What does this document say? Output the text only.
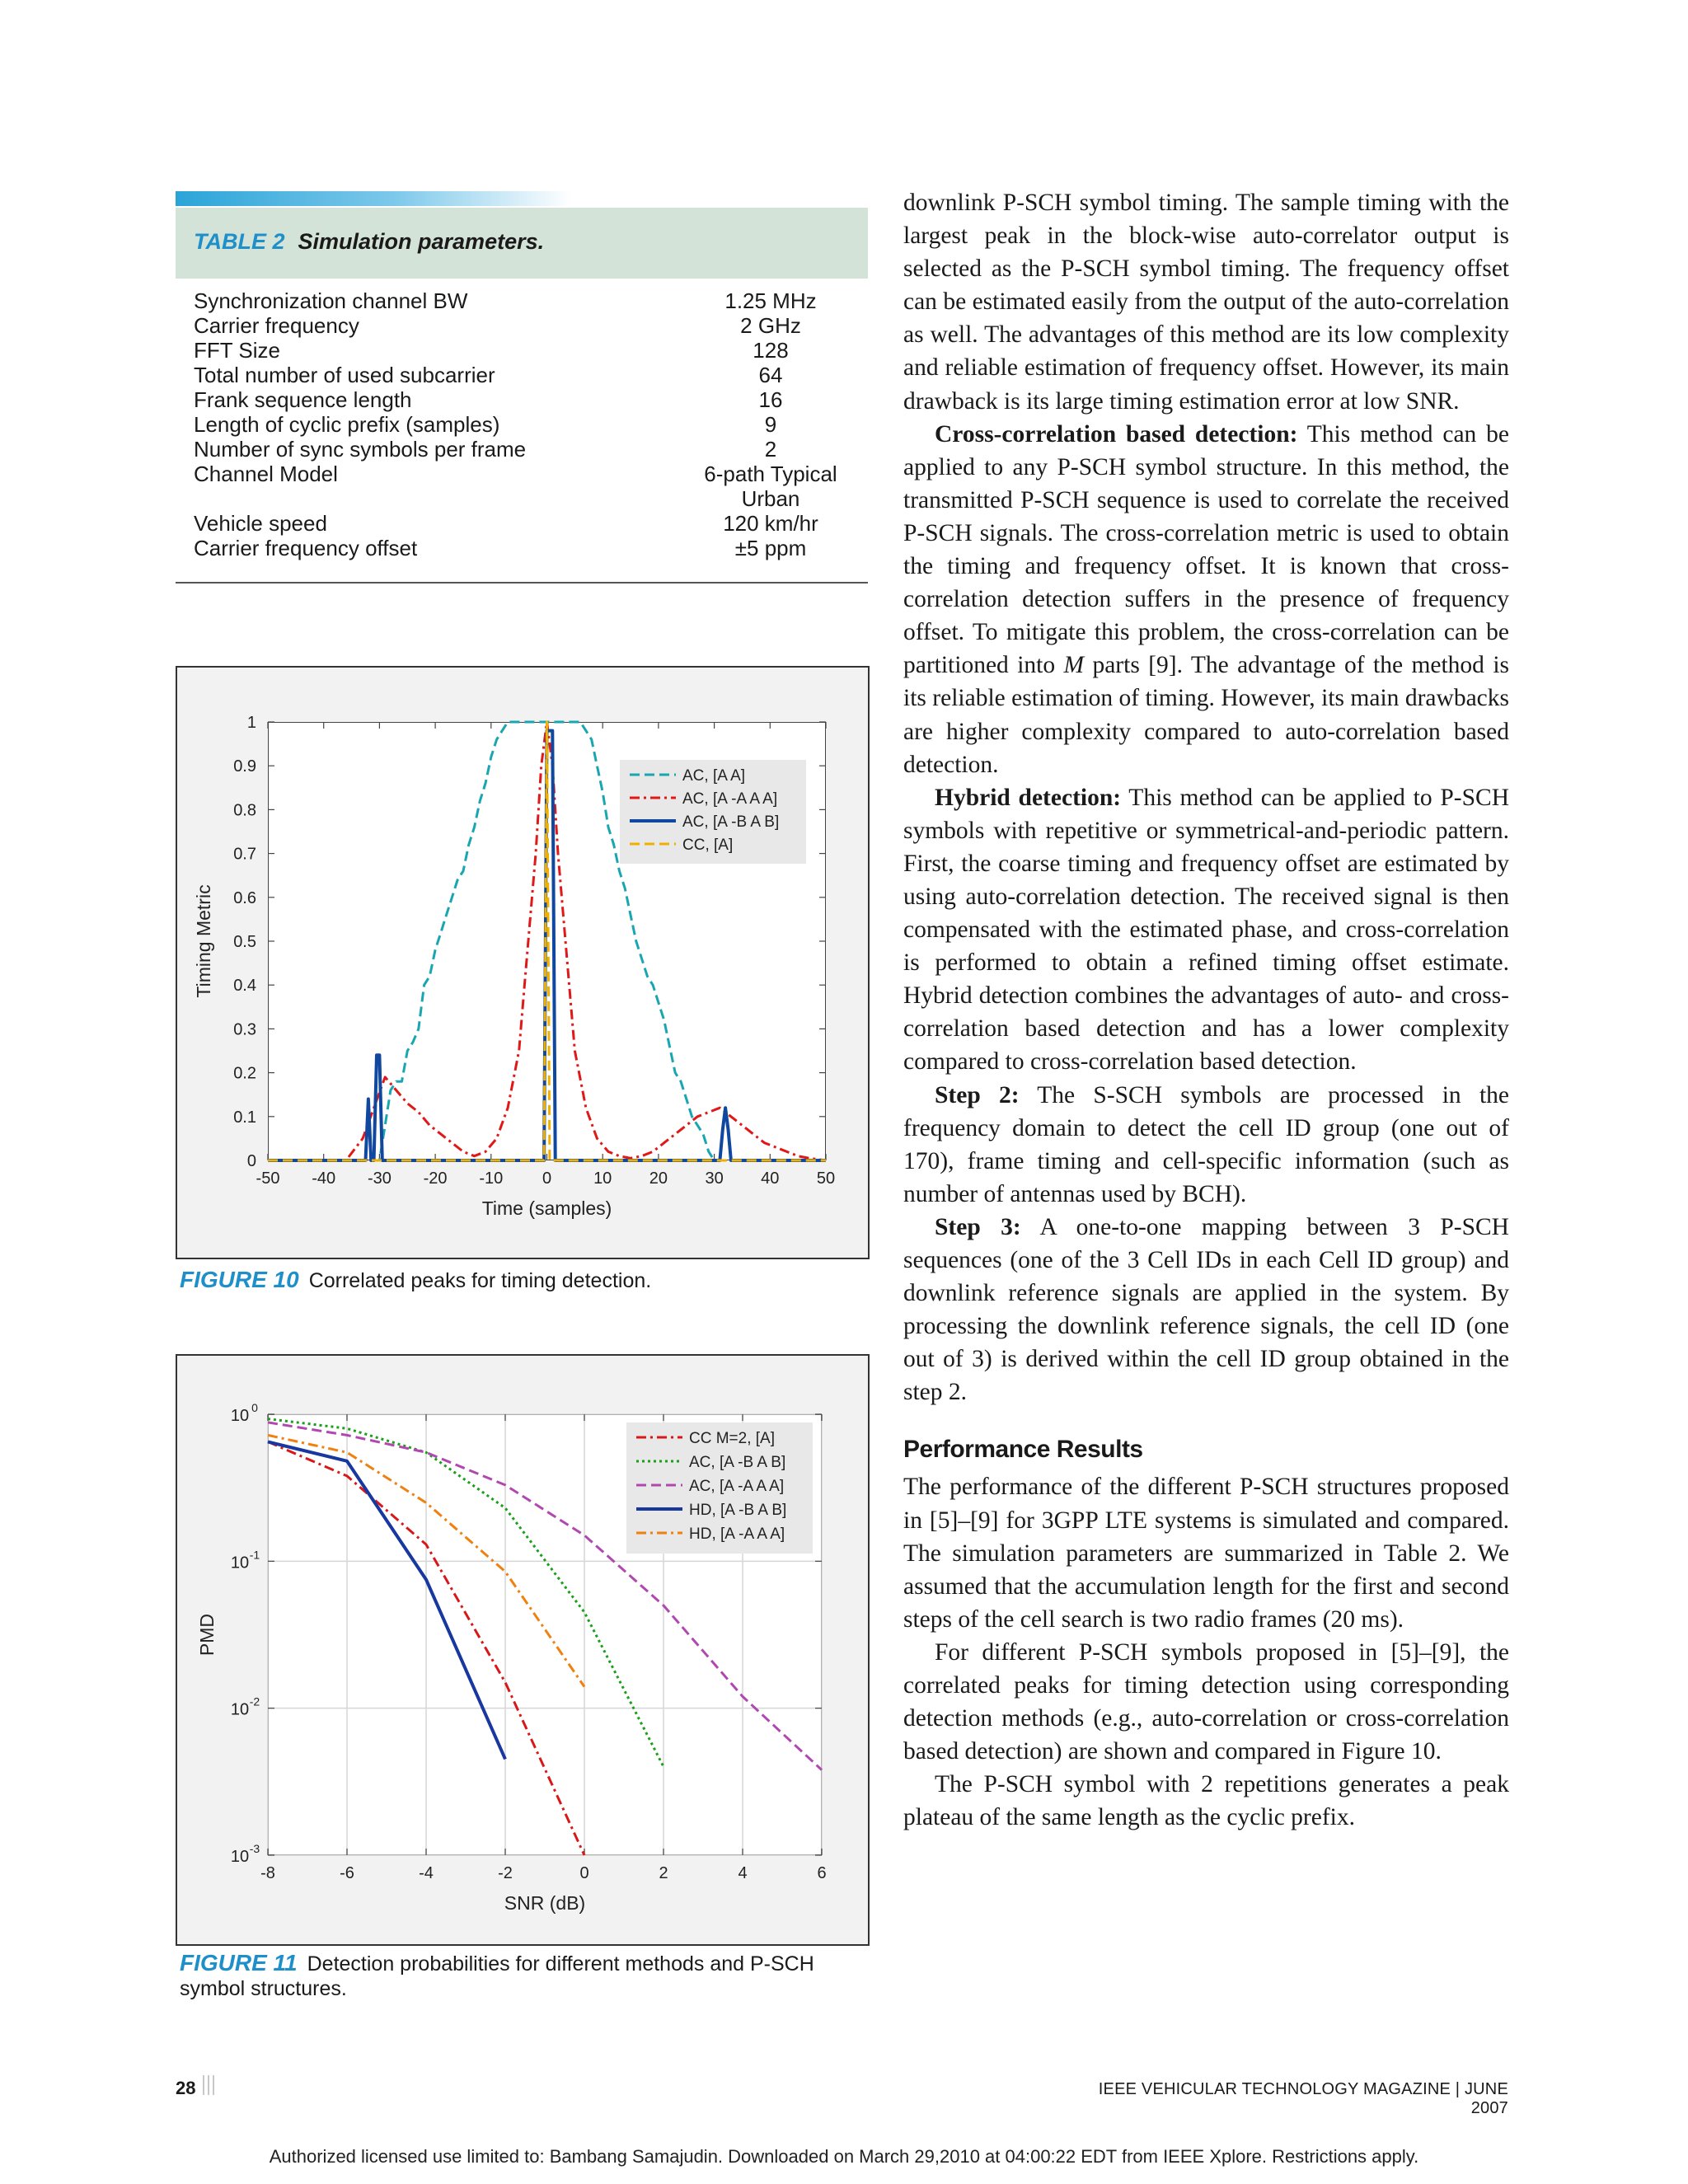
TABLE 2 Simulation parameters.
Synchronization channel BW	1.25 MHz
Carrier frequency	2 GHz
FFT Size	128
Total number of used subcarrier	64
Frank sequence length	16
Length of cyclic prefix (samples)	9
Number of sync symbols per frame	2
Channel Model	6-path Typical Urban
Vehicle speed	120 km/hr
Carrier frequency offset	±5 ppm
-50 -40 -30 -20 -10 0	10 20 30 40 50
0
0.1
0.2
0.3
0.4
0.5
0.6
0.7
0.8
0.9
1
Time (samples)
Timing Metric
AC, [A A]
AC, [A -A A A]
AC, [A -B A B]
CC, [A]
FIGURE 10 Correlated peaks for timing detection.
-8	-6	-4	-2	0	2	4	6
10 0
10 -1
10 -2
10 -3
SNR (dB)
PMD
CC M=2, [A]
AC, [A -B A B]
AC, [A -A A A]
HD, [A -B A B]
HD, [A -A A A]
FIGURE 11 Detection probabilities for different methods and P-SCH symbol structures.

downlink P-SCH symbol timing. The sample timing with the largest peak in the block-wise auto-correlator output is selected as the P-SCH symbol timing. The frequency offset can be estimated easily from the output of the auto-correlation as well. The advantages of this method are its low complexity and reliable estimation of frequency offset. However, its main drawback is its large timing estimation error at low SNR.

Cross-correlation based detection: This method can be applied to any P-SCH symbol structure. In this method, the transmitted P-SCH sequence is used to correlate the received P-SCH signals. The cross-correlation metric is used to obtain the timing and frequency offset. It is known that cross-correlation detection suffers in the presence of frequency offset. To mitigate this problem, the cross-correlation can be partitioned into M parts [9]. The advantage of the method is its reliable estimation of timing. However, its main drawbacks are higher complexity compared to auto-correlation based detection.

Hybrid detection: This method can be applied to P-SCH symbols with repetitive or symmetrical-and-periodic pattern. First, the coarse timing and frequency offset are estimated by using auto-correlation detection. The received signal is then compensated with the estimated phase, and cross-correlation is performed to obtain a refined timing offset estimate. Hybrid detection combines the advantages of auto- and cross-correlation based detection and has a lower complexity compared to cross-correlation based detection.

Step 2: The S-SCH symbols are processed in the frequency domain to detect the cell ID group (one out of 170), frame timing and cell-specific information (such as number of antennas used by BCH).

Step 3: A one-to-one mapping between 3 P-SCH sequences (one of the 3 Cell IDs in each Cell ID group) and downlink reference signals are applied in the system. By processing the downlink reference signals, the cell ID (one out of 3) is derived within the cell ID group obtained in the step 2.

Performance Results

The performance of the different P-SCH structures proposed in [5]–[9] for 3GPP LTE systems is simulated and compared. The simulation parameters are summarized in Table 2. We assumed that the accumulation length for the first and second steps of the cell search is two radio frames (20 ms).

For different P-SCH symbols proposed in [5]–[9], the correlated peaks for timing detection using corresponding detection methods (e.g., auto-correlation or cross-correlation based detection) are shown and compared in Figure 10.

The P-SCH symbol with 2 repetitions generates a peak plateau of the same length as the cyclic prefix.

28	IEEE VEHICULAR TECHNOLOGY MAGAZINE | JUNE 2007
Authorized licensed use limited to: Bambang Samajudin. Downloaded on March 29,2010 at 04:00:22 EDT from IEEE Xplore. Restrictions apply.
